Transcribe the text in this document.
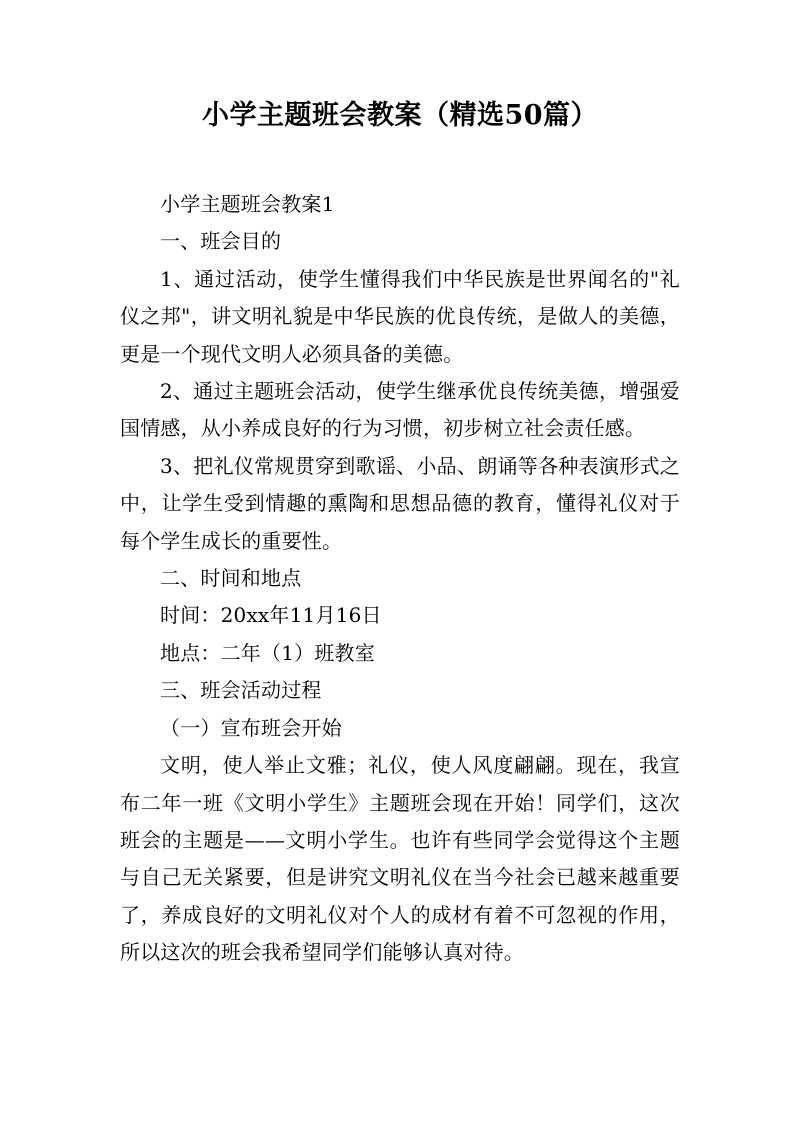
小学主题班会教案（精选50篇）

小学主题班会教案1

一、班会目的

1、通过活动，使学生懂得我们中华民族是世界闻名的"礼仪之邦"，讲文明礼貌是中华民族的优良传统，是做人的美德，更是一个现代文明人必须具备的美德。

2、通过主题班会活动，使学生继承优良传统美德，增强爱国情感，从小养成良好的行为习惯，初步树立社会责任感。

3、把礼仪常规贯穿到歌谣、小品、朗诵等各种表演形式之中，让学生受到情趣的熏陶和思想品德的教育，懂得礼仪对于每个学生成长的重要性。

二、时间和地点

时间：20xx年11月16日

地点：二年（1）班教室

三、班会活动过程

（一）宣布班会开始

文明，使人举止文雅；礼仪，使人风度翩翩。现在，我宣布二年一班《文明小学生》主题班会现在开始！同学们，这次班会的主题是——文明小学生。也许有些同学会觉得这个主题与自己无关紧要，但是讲究文明礼仪在当今社会已越来越重要了，养成良好的文明礼仪对个人的成材有着不可忽视的作用，所以这次的班会我希望同学们能够认真对待。
